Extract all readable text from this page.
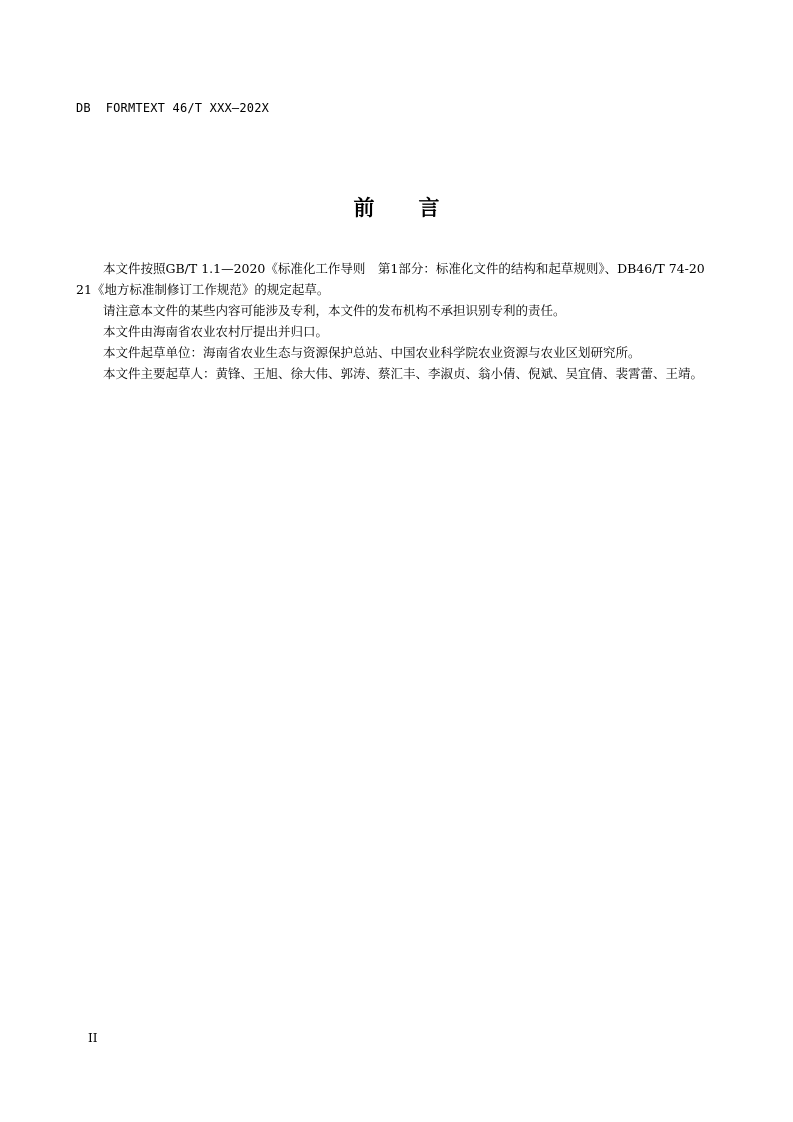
DB  FORMTEXT 46/T XXX—202X
前言

本文件按照GB/T 1.1—2020《标准化工作导则　第1部分：标准化文件的结构和起草规则》、DB46/T 74-2021《地方标准制修订工作规范》的规定起草。

请注意本文件的某些内容可能涉及专利，本文件的发布机构不承担识别专利的责任。

本文件由海南省农业农村厅提出并归口。

本文件起草单位：海南省农业生态与资源保护总站、中国农业科学院农业资源与农业区划研究所。

本文件主要起草人：黄锋、王旭、徐大伟、郭涛、蔡汇丰、李淑贞、翁小倩、倪斌、吴宜倩、裴霄蕾、王靖。

II
